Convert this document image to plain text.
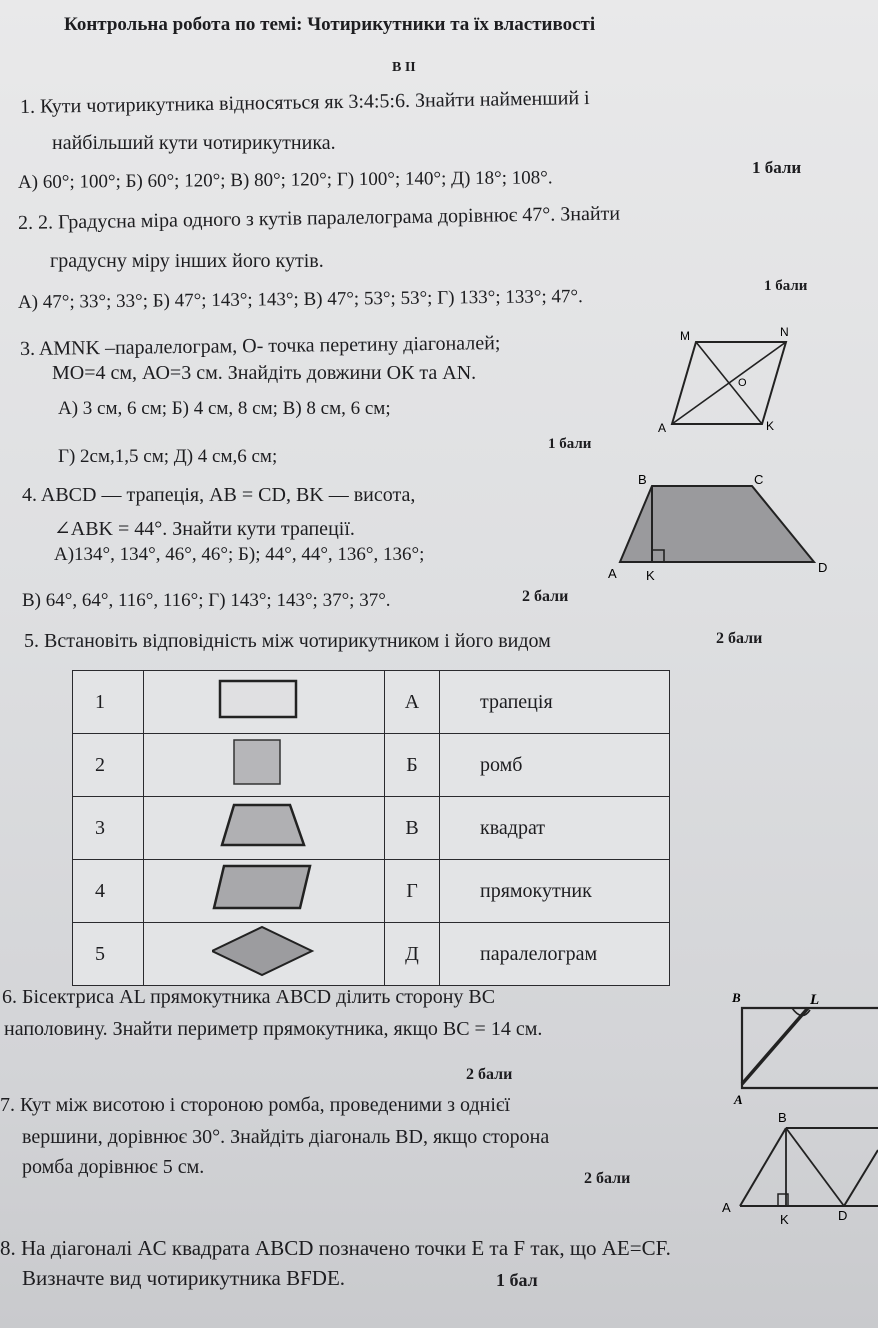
Контрольна робота по темі: Чотирикутники та їх властивості
В ІІ
1. Кути чотирикутника відносяться як 3:4:5:6. Знайти найменший і
найбільший кути чотирикутника.
А) 60°; 100°; Б) 60°; 120°; В) 80°; 120°; Г) 100°; 140°; Д) 18°; 108°.	1 бали
2. 2. Градусна міра одного з кутів паралелограма дорівнює 47°. Знайти
градусну міру інших його кутів.
А) 47°; 33°; 33°; Б) 47°; 143°; 143°; В) 47°; 53°; 53°; Г) 133°; 133°; 47°.
1 бали
3. AMNK –паралелограм, О- точка перетину діагоналей;
МО=4 см, АО=3 см. Знайдіть довжини ОК та AN.
А) 3 см, 6 см; Б) 4 см, 8 см; В) 8 см, 6 см;
Г) 2см,1,5 см; Д) 4 см,6 см;
1 бали
M	N
O
A	K
4. ABCD — трапеція, AB = CD, BK — висота,
∠ABK = 44°. Знайти кути трапеції.
А)134°, 134°, 46°, 46°; Б); 44°, 44°, 136°, 136°;
В) 64°, 64°, 116°, 116°; Г) 143°; 143°; 37°; 37°.	2 бали
B	C
A K
D
5. Встановіть відповідність між чотирикутником і його видом	2 бали
1		А	трапеція
2		Б	ромб
3		В	квадрат
4		Г	прямокутник
5		Д	паралелограм
6. Бісектриса AL прямокутника ABCD ділить сторону BC
наполовину. Знайти периметр прямокутника, якщо BC = 14 см.
2 бали
B	L
A
7. Кут між висотою і стороною ромба, проведеними з однієї
вершини, дорівнює 30°. Знайдіть діагональ BD, якщо сторона
ромба дорівнює 5 см.
2 бали
B
A
K	D
8. На діагоналі AC квадрата ABCD позначено точки E та F так, що AE=CF.
Визначте вид чотирикутника BFDE.	1 бал
